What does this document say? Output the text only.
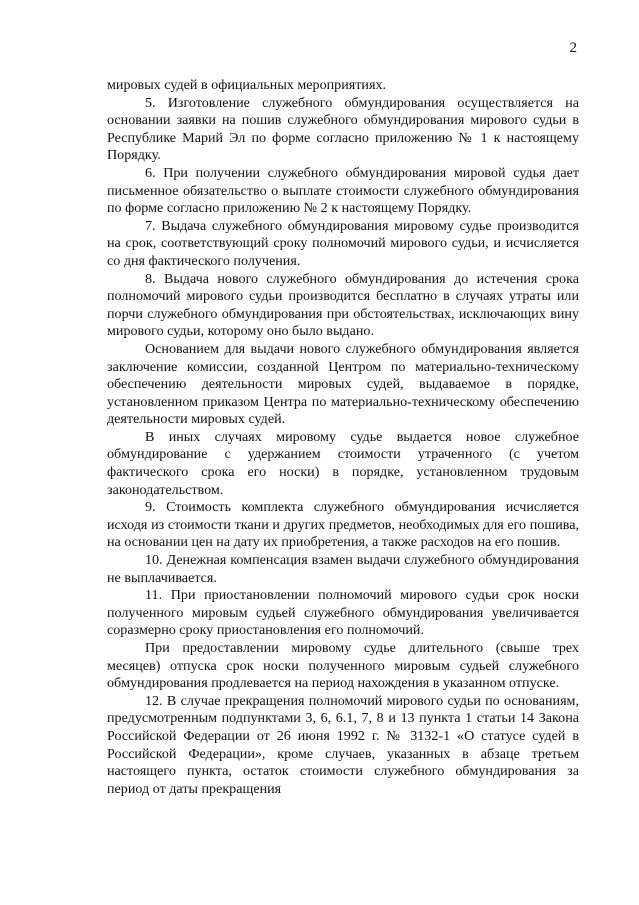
2

мировых судей в официальных мероприятиях.

5. Изготовление служебного обмундирования осуществляется на основании заявки на пошив служебного обмундирования мирового судьи в Республике Марий Эл по форме согласно приложению № 1 к настоящему Порядку.

6. При получении служебного обмундирования мировой судья дает письменное обязательство о выплате стоимости служебного обмундирования по форме согласно приложению № 2 к настоящему Порядку.

7. Выдача служебного обмундирования мировому судье производится на срок, соответствующий сроку полномочий мирового судьи, и исчисляется со дня фактического получения.

8. Выдача нового служебного обмундирования до истечения срока полномочий мирового судьи производится бесплатно в случаях утраты или порчи служебного обмундирования при обстоятельствах, исключающих вину мирового судьи, которому оно было выдано.

Основанием для выдачи нового служебного обмундирования является заключение комиссии, созданной Центром по материально-техническому обеспечению деятельности мировых судей, выдаваемое в порядке, установленном приказом Центра по материально-техническому обеспечению деятельности мировых судей.

В иных случаях мировому судье выдается новое служебное обмундирование с удержанием стоимости утраченного (с учетом фактического срока его носки) в порядке, установленном трудовым законодательством.

9. Стоимость комплекта служебного обмундирования исчисляется исходя из стоимости ткани и других предметов, необходимых для его пошива, на основании цен на дату их приобретения, а также расходов на его пошив.

10. Денежная компенсация взамен выдачи служебного обмундирования не выплачивается.

11. При приостановлении полномочий мирового судьи срок носки полученного мировым судьей служебного обмундирования увеличивается соразмерно сроку приостановления его полномочий.

При предоставлении мировому судье длительного (свыше трех месяцев) отпуска срок носки полученного мировым судьей служебного обмундирования продлевается на период нахождения в указанном отпуске.

12. В случае прекращения полномочий мирового судьи по основаниям, предусмотренным подпунктами 3, 6, 6.1, 7, 8 и 13 пункта 1 статьи 14 Закона Российской Федерации от 26 июня 1992 г. № 3132-1 «О статусе судей в Российской Федерации», кроме случаев, указанных в абзаце третьем настоящего пункта, остаток стоимости служебного обмундирования за период от даты прекращения
